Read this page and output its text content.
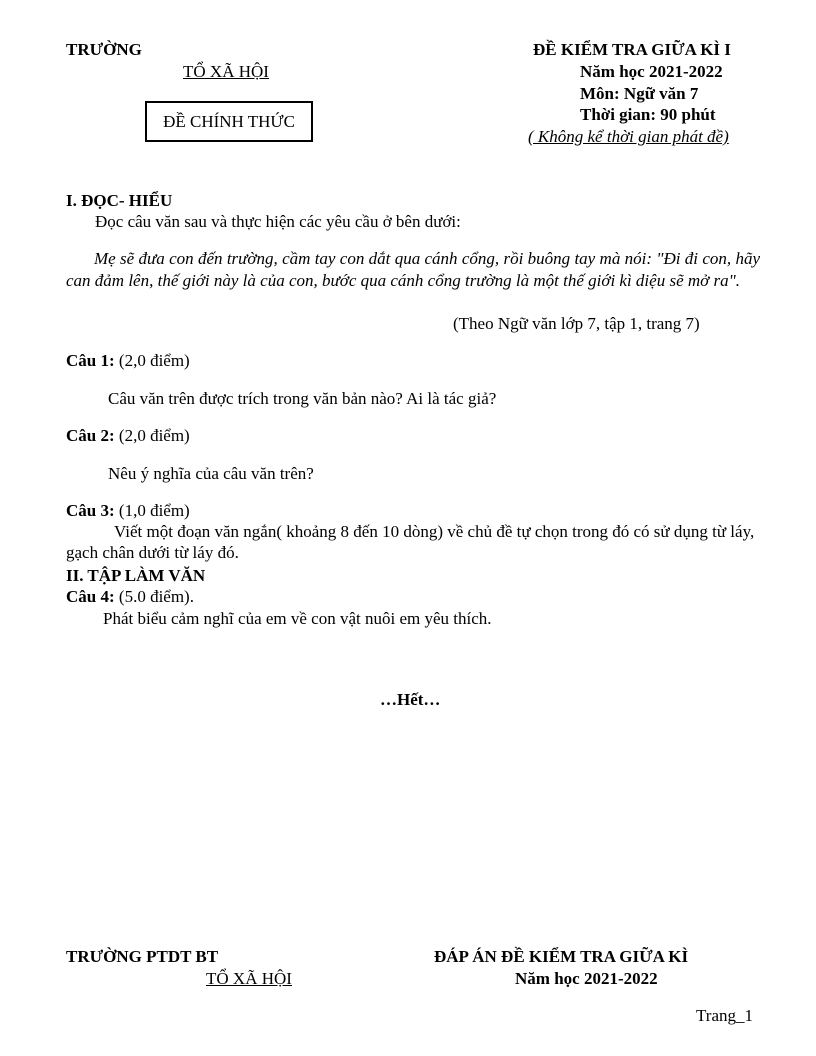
TRƯỜNG
TỔ XÃ HỘI
ĐỀ CHÍNH THỨC
ĐỀ KIỂM TRA GIỮA KÌ I
Năm học 2021-2022
Môn: Ngữ văn 7
Thời gian: 90 phút
( Không kể thời gian phát đề)
I. ĐỌC- HIỂU
Đọc câu văn sau và thực hiện các yêu cầu ở bên dưới:
Mẹ sẽ đưa con đến trường, cầm tay con dắt qua cánh cổng, rồi buông tay mà nói: "Đi đi con, hãy can đảm lên, thế giới này là của con, bước qua cánh cổng trường là một thế giới kì diệu sẽ mở ra".
(Theo Ngữ văn lớp 7, tập 1, trang 7)
Câu 1: (2,0 điểm)
Câu văn trên được trích trong văn bản nào? Ai là tác giả?
Câu 2: (2,0 điểm)
Nêu ý nghĩa của câu văn trên?
Câu 3: (1,0 điểm)
Viết một đoạn văn ngắn( khoảng 8 đến 10 dòng) về chủ đề tự chọn trong đó có sử dụng từ láy, gạch chân dưới từ láy đó.
II. TẬP LÀM VĂN
Câu 4: (5.0 điểm).
Phát biểu cảm nghĩ của em về con vật nuôi em yêu thích.
…Hết…
TRƯỜNG PTDT BT
TỔ XÃ HỘI
ĐÁP ÁN ĐỀ KIỂM TRA GIỮA KÌ
Năm học 2021-2022
Trang_1
